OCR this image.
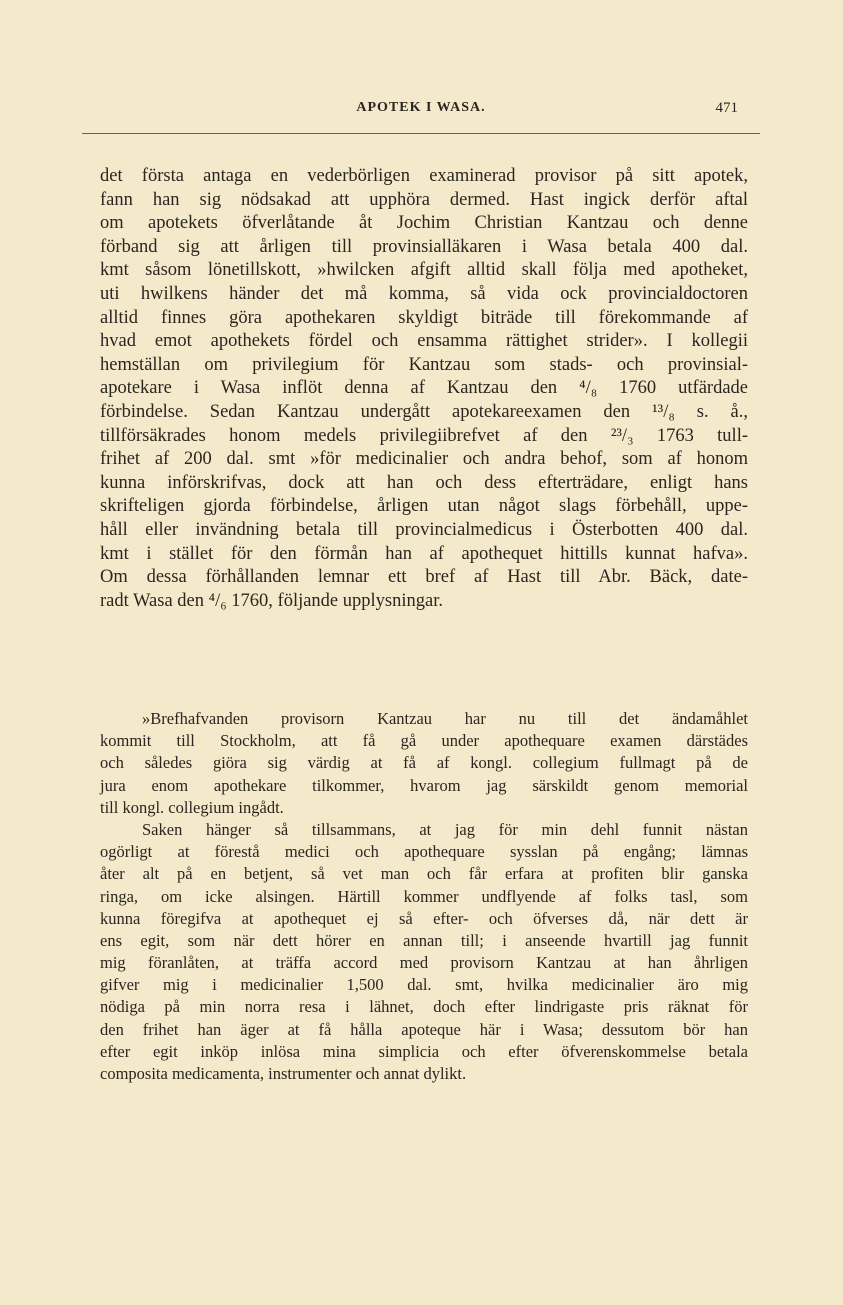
APOTEK I WASA.	471
det första antaga en vederbörligen examinerad provisor på sitt apotek,
fann han sig nödsakad att upphöra dermed. Hast ingick derför aftal
om apotekets öfverlåtande åt Jochim Christian Kantzau och denne
förband sig att årligen till provinsialläkaren i Wasa betala 400 dal.
kmt såsom lönetillskott, »hwilcken afgift alltid skall följa med apotheket,
uti hwilkens händer det må komma, så vida ock provincialdoctoren
alltid finnes göra apothekaren skyldigt biträde till förekommande af
hvad emot apothekets fördel och ensamma rättighet strider». I kollegii
hemställan om privilegium för Kantzau som stads- och provinsial-
apotekare i Wasa inflöt denna af Kantzau den ⁴/₈ 1760 utfärdade
förbindelse. Sedan Kantzau undergått apotekareexamen den ¹³/₈ s. å.,
tillförsäkrades honom medels privilegiibrefvet af den ²³/₃ 1763 tull-
frihet af 200 dal. smt »för medicinalier och andra behof, som af honom
kunna införskrifvas, dock att han och dess efterträdare, enligt hans
skrifteligen gjorda förbindelse, årligen utan något slags förbehåll, uppe-
håll eller invändning betala till provincialmedicus i Österbotten 400 dal.
kmt i stället för den förmån han af apothequet hittills kunnat hafva».
Om dessa förhållanden lemnar ett bref af Hast till Abr. Bäck, date-
radt Wasa den ⁴/₆ 1760, följande upplysningar.
»Brefhafvanden provisorn Kantzau har nu till det ändamåhlet
kommit till Stockholm, att få gå under apothequare examen därstädes
och således giöra sig värdig at få af kongl. collegium fullmagt på de
jura enom apothekare tilkommer, hvarom jag särskildt genom memorial
till kongl. collegium ingådt.
Saken hänger så tillsammans, at jag för min dehl funnit nästan
ogörligt at förestå medici och apothequare sysslan på engång; lämnas
åter alt på en betjent, så vet man och får erfara at profiten blir ganska
ringa, om icke alsingen. Härtill kommer undflyende af folks tasl, som
kunna föregifva at apothequet ej så efter- och öfverses då, när dett är
ens egit, som när dett hörer en annan till; i anseende hvartill jag funnit
mig föranlåten, at träffa accord med provisorn Kantzau at han åhrligen
gifver mig i medicinalier 1,500 dal. smt, hvilka medicinalier äro mig
nödiga på min norra resa i lähnet, doch efter lindrigaste pris räknat för
den frihet han äger at få hålla apoteque här i Wasa; dessutom bör han
efter egit inköp inlösa mina simplicia och efter öfverenskommelse betala
composita medicamenta, instrumenter och annat dylikt.
